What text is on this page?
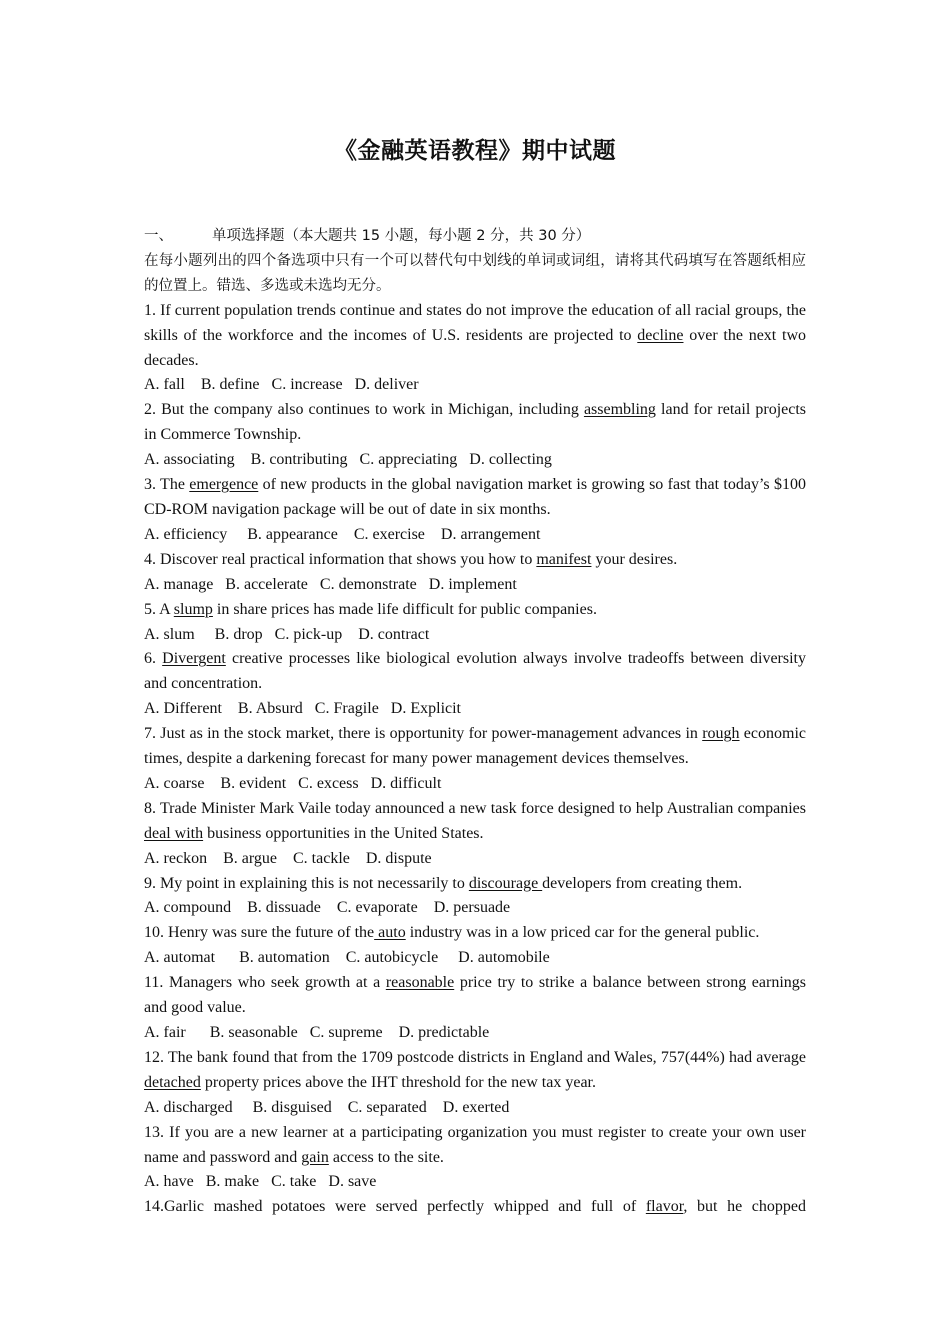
《金融英语教程》期中试题

一、	单项选择题（本大题共 15 小题，每小题 2 分，共 30 分）

在每小题列出的四个备选项中只有一个可以替代句中划线的单词或词组，请将其代码填写在答题纸相应的位置上。错选、多选或未选均无分。

1. If current population trends continue and states do not improve the education of all racial groups, the skills of the workforce and the incomes of U.S. residents are projected to decline over the next two decades.

A. fall    B. define   C. increase   D. deliver

2. But the company also continues to work in Michigan, including assembling land for retail projects in Commerce Township.

A. associating    B. contributing   C. appreciating   D. collecting

3. The emergence of new products in the global navigation market is growing so fast that today’s $100 CD-ROM navigation package will be out of date in six months.

A. efficiency     B. appearance    C. exercise    D. arrangement

4. Discover real practical information that shows you how to manifest your desires.

A. manage   B. accelerate   C. demonstrate   D. implement

5. A slump in share prices has made life difficult for public companies.

A. slum     B. drop   C. pick-up    D. contract

6. Divergent creative processes like biological evolution always involve tradeoffs between diversity and concentration.

A. Different    B. Absurd   C. Fragile   D. Explicit

7. Just as in the stock market, there is opportunity for power-management advances in rough economic times, despite a darkening forecast for many power management devices themselves.

A. coarse    B. evident   C. excess   D. difficult

8. Trade Minister Mark Vaile today announced a new task force designed to help Australian companies deal with business opportunities in the United States.

A. reckon    B. argue    C. tackle    D. dispute

9. My point in explaining this is not necessarily to discourage developers from creating them.

A. compound    B. dissuade    C. evaporate    D. persuade

10. Henry was sure the future of the auto industry was in a low priced car for the general public.

A. automat      B. automation    C. autobicycle     D. automobile

11. Managers who seek growth at a reasonable price try to strike a balance between strong earnings and good value.

A. fair      B. seasonable   C. supreme    D. predictable

12. The bank found that from the 1709 postcode districts in England and Wales, 757(44%) had average detached property prices above the IHT threshold for the new tax year.

A. discharged     B. disguised    C. separated    D. exerted

13. If you are a new learner at a participating organization you must register to create your own user name and password and gain access to the site.

A. have   B. make   C. take   D. save

14.Garlic mashed potatoes were served perfectly whipped and full of flavor, but he chopped
